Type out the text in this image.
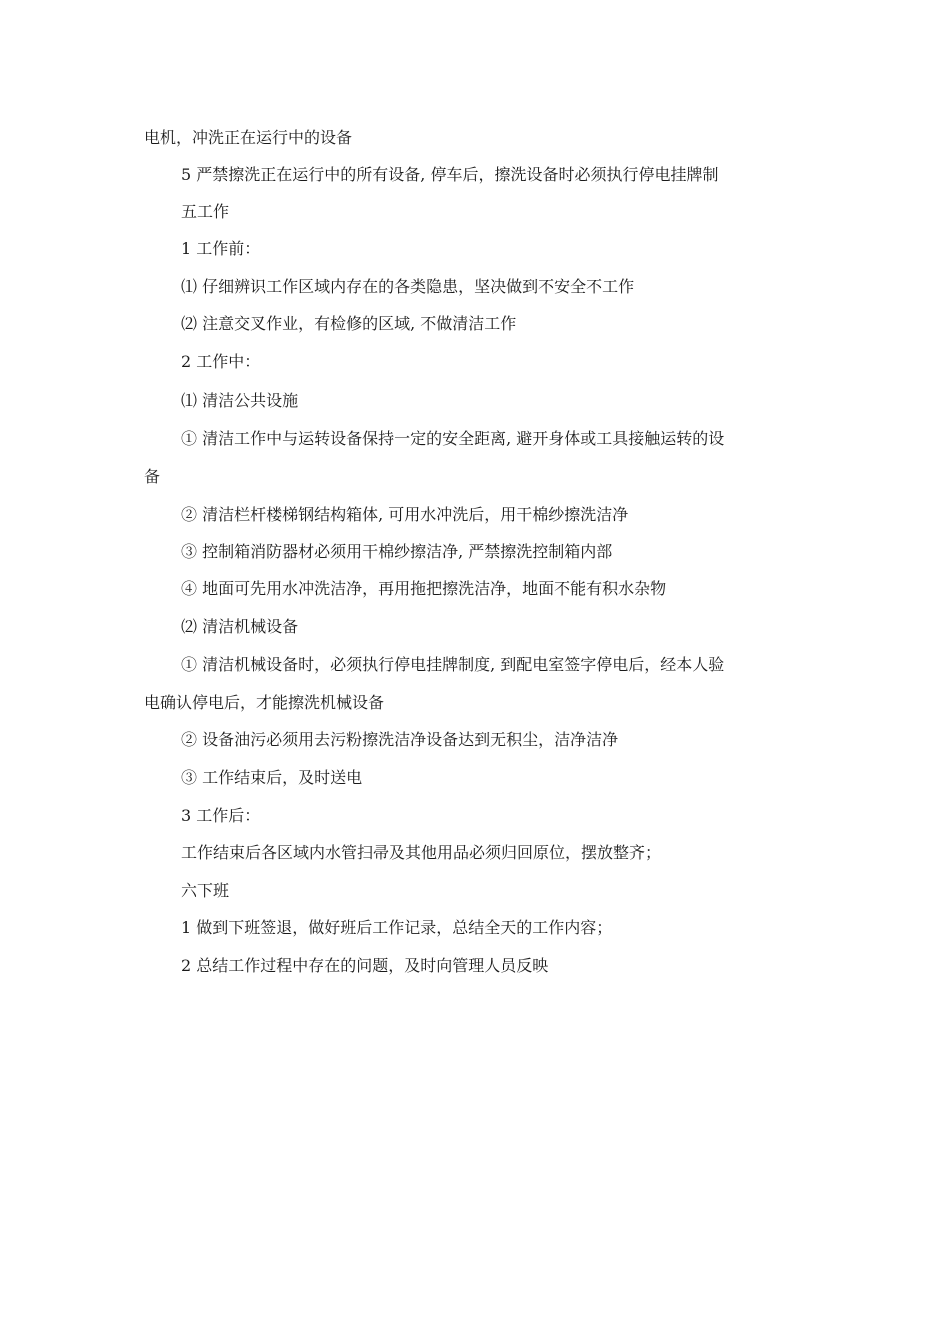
电机，冲洗正在运行中的设备
5 严禁擦洗正在运行中的所有设备, 停车后，擦洗设备时必须执行停电挂牌制
五工作
1 工作前：
⑴ 仔细辨识工作区域内存在的各类隐患，坚决做到不安全不工作
⑵ 注意交叉作业，有检修的区域, 不做清洁工作
2 工作中：
⑴ 清洁公共设施
① 清洁工作中与运转设备保持一定的安全距离, 避开身体或工具接触运转的设
备
② 清洁栏杆楼梯钢结构箱体, 可用水冲洗后，用干棉纱擦洗洁净
③ 控制箱消防器材必须用干棉纱擦洁净, 严禁擦洗控制箱内部
④ 地面可先用水冲洗洁净，再用拖把擦洗洁净，地面不能有积水杂物
⑵ 清洁机械设备
① 清洁机械设备时，必须执行停电挂牌制度, 到配电室签字停电后，经本人验
电确认停电后，才能擦洗机械设备
② 设备油污必须用去污粉擦洗洁净设备达到无积尘，洁净洁净
③ 工作结束后，及时送电
3 工作后：
工作结束后各区域内水管扫帚及其他用品必须归回原位，摆放整齐；
六下班
1 做到下班签退，做好班后工作记录，总结全天的工作内容；
2 总结工作过程中存在的问题，及时向管理人员反映
